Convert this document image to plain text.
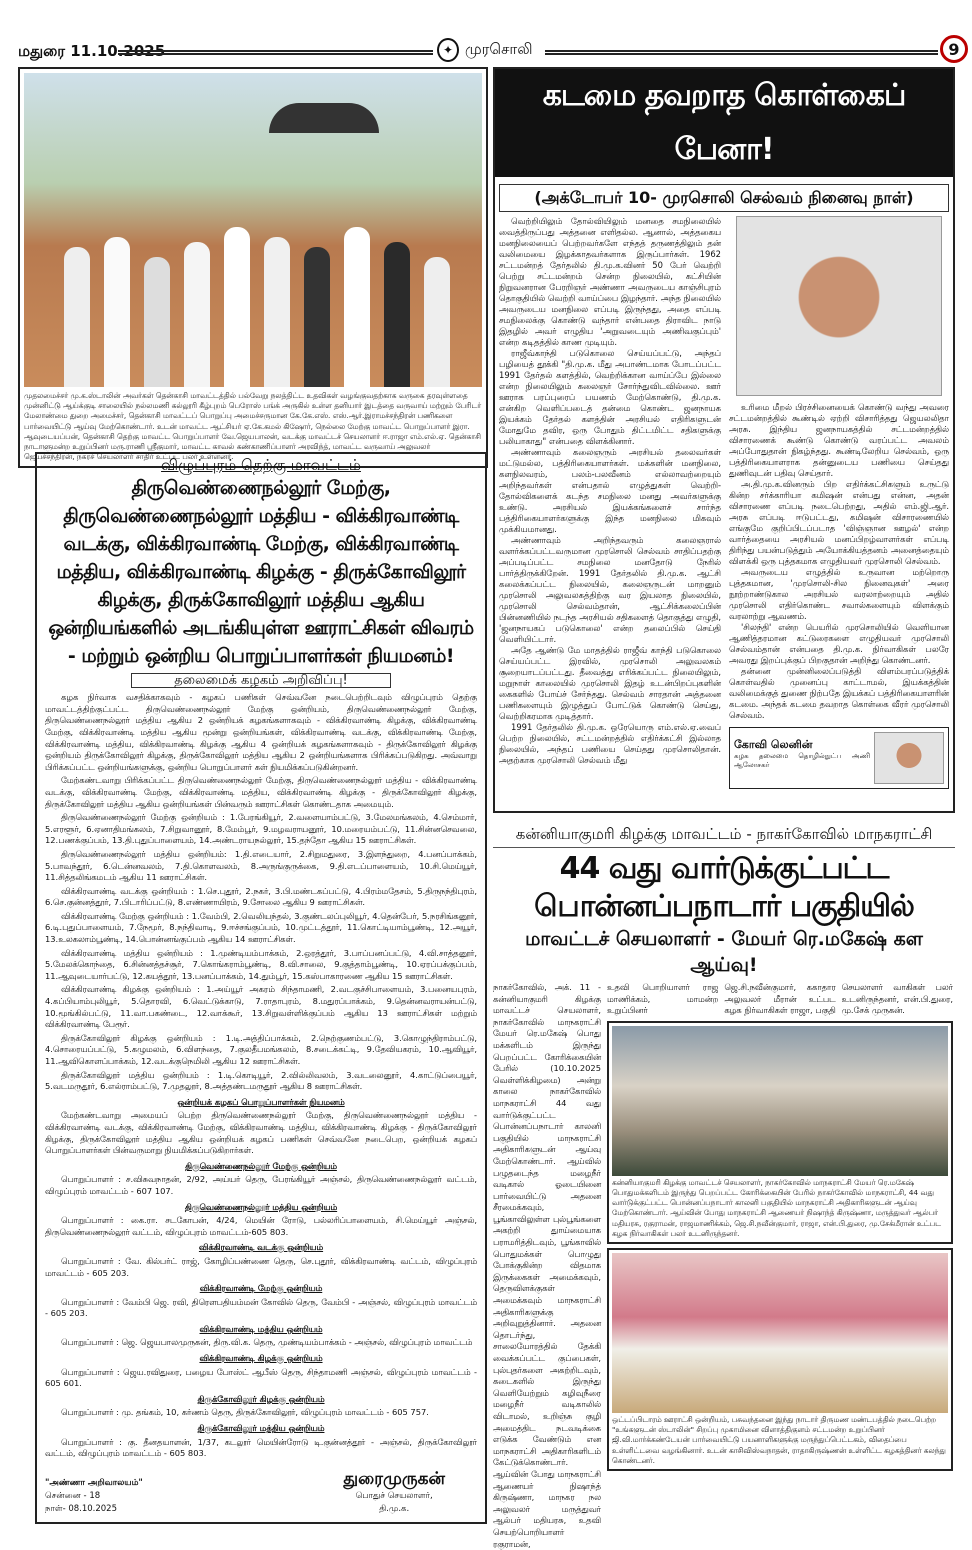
மதுரை 11.10.2025	✦ முரசொலி	9
முதலமைச்சர் மு.க.ஸ்டாலின் அவர்கள் தென்காசி மாவட்டத்தில் பல்வேறு நலத்திட்ட உதவிகள் வழங்குவதற்காக வருகை தரவுள்ளதை முன்னிட்டு ஆய்க்குடி சாலையில் நல்லமணி கல்லூரி கீழ்புறம் பெரோஸ் பங்க் அருகில் உள்ள தனியார் இடத்தை வருவாய் மற்றும் பேரிடர் மேலாண்மை துறை அமைச்சர், தென்காசி மாவட்டப் பொறுப்பு அமைச்சருமான கே.கே.எஸ். எஸ்.ஆர்.இராமச்சந்திரன் பணிகளை பார்வையிட்டு ஆய்வு மேற்கொண்டார். உடன் மாவட்ட ஆட்சியர் ஏ.கே.கமல் கிஷோர், நெல்லை மேற்கு மாவட்ட பொறுப்பாளர் இரா. ஆவுடையப்பன், தென்காசி தெற்கு மாவட்ட பொறுப்பாளர் வே.ஜெயபாலன், வடக்கு மாவட்டச் செயலாளர் ஈ.ராஜா எம்.எல்.ஏ. தென்காசி நாடாளுமன்ற உறுப்பினர் மரு.ராணி ஸ்ரீகுமார், மாவட்ட காவல் கண்காணிப்பாளர் அரவிந்த், மாவட்ட வருவாய் அலுவலர் ஜெயச்சந்திரன், நகரச் செயலாளர் சாதிர் உட்பட பலர் உள்ளனர்.
விழுப்புரம் தெற்கு மாவட்டம்
திருவெண்ணைநல்லூர் மேற்கு, திருவெண்ணைநல்லூர் மத்திய - விக்கிரவாண்டி வடக்கு, விக்கிரவாண்டி மேற்கு, விக்கிரவாண்டி மத்திய, விக்கிரவாண்டி கிழக்கு - திருக்கோவிலூர் கிழக்கு, திருக்கோவிலூர் மத்திய ஆகிய ஒன்றியங்களில் அடங்கியுள்ள ஊராட்சிகள் விவரம் - மற்றும் ஒன்றிய பொறுப்பாளர்கள் நியமனம்!
தலைமைக் கழகம் அறிவிப்பு!

கழக நிர்வாக வசதிக்காகவும் - கழகப் பணிகள் செவ்வனே நடைபெற்றிடவும் விழுப்புரம் தெற்கு மாவட்டத்திற்குட்பட்ட திருவெண்ணைநல்லூர் மேற்கு ஒன்றியம், திருவெண்ணைநல்லூர் மேற்கு, திருவெண்ணைநல்லூர் மத்திய ஆகிய 2 ஒன்றியக் கழகங்களாகவும் - விக்கிரவாண்டி கிழக்கு, விக்கிரவாண்டி மேற்கு, விக்கிரவாண்டி மத்திய ஆகிய மூன்று ஒன்றியங்கள், விக்கிரவாண்டி வடக்கு, விக்கிரவாண்டி மேற்கு, விக்கிரவாண்டி மத்திய, விக்கிரவாண்டி கிழக்கு ஆகிய 4 ஒன்றியக் கழகங்களாகவும் - திருக்கோவிலூர் கிழக்கு ஒன்றியம் திருக்கோவிலூர் கிழக்கு, திருக்கோவிலூர் மத்திய ஆகிய 2 ஒன்றியங்களாக பிரிக்கப்படுகிறது. அவ்வாறு பிரிக்கப்பட்ட ஒன்றியங்களுக்கு, ஒன்றிய பொறுப்பாளர் கள் நியமிக்கப்படுகின்றனர்.

மேற்கண்டவாறு பிரிக்கப்பட்ட திருவெண்ணைநல்லூர் மேற்கு, திருவெண்ணைநல்லூர் மத்திய - விக்கிரவாண்டி வடக்கு, விக்கிரவாண்டி மேற்கு, விக்கிரவாண்டி மத்திய, விக்கிரவாண்டி கிழக்கு - திருக்கோவிலூர் கிழக்கு, திருக்கோவிலூர் மத்திய ஆகிய ஒன்றியங்கள் பின்வரும் ஊராட்சிகள் கொண்டதாக அமையும்.

திருவெண்ணைநல்லூர் மேற்கு ஒன்றியம் : 1.பேரங்கியூர், 2.வளையாம்பட்டு, 3.மேலமங்கலம், 4.செம்மார், 5.எரளூர், 6.ஏனாதிமங்கலம், 7.சிறுவானூர், 8.மேம்பூர், 9.மழவராயனூர், 10.மரையம்பட்டு, 11.சின்னசெவலை, 12.பணக்குப்பம், 13.தி.புதுப்பாளையம், 14.அண்டராயநல்லூர், 15.தந்தோ ஆகிய 15 ஊராட்சிகள்.

திருவெண்ணைநல்லூர் மத்திய ஒன்றியம்: 1.தி.எடையார், 2.சிறுமதுரை, 3.இளந்துறை, 4.பனப்பாக்கம், 5.பாவந்தூர், 6.டென்னவலம், 7.தி.கொளவலம், 8.அருங்குருக்கை, 9.தி.எடப்பாளையம், 10.சி.மெய்யூர், 11.சித்தலிங்கமடம் ஆகிய 11 ஊராட்சிகள்.

விக்கிரவாண்டி வடக்கு ஒன்றியம் : 1.செ.புதூர், 2.நகர், 3.பி.மண்டகப்பட்டு, 4.பிரம்மதேசம், 5.திருநந்திபுரம், 6.செ.குன்னத்தூர், 7.பிடாரிப்பட்டு, 8.எண்ணாயிரம், 9.சோலை ஆகிய 9 ஊராட்சிகள்.

விக்கிரவாண்டி மேற்கு ஒன்றியம் : 1.வேம்பி, 2.வெலியந்தல், 3.குண்டலப்புலியூர், 4.தென்பேர், 5.நரசிங்கனூர், 6.டி.புதுப்பாளையம், 7.நேமூர், 8.நந்திவாடி, 9.ஈச்சங்குப்பம், 10.முட்டத்தூர், 11.கொட்டியாம்பூண்டி, 12.அயூர், 13.உலகலாம்பூண்டி, 14.பொன்னங்குப்பம் ஆகிய 14 ஊராட்சிகள்.

விக்கிரவாண்டி மத்திய ஒன்றியம் : 1.முண்டியம்பாக்கம், 2.ஒரத்தூர், 3.பாப்பனப்பட்டு, 4.வி.சாத்தனூர், 5.மேலக்கொந்தை, 6.சின்னத்தச்சூர், 7.கொங்கராம்பூண்டி, 8.வி.சாலை, 9.குத்தாம்பூண்டி, 10.ஏரப்பக்குப்பம், 11.ஆவுடையார்பட்டு, 12.கயத்தூர், 13.பனப்பாக்கம், 14.தும்பூர், 15.கஸ்பாகாரணை ஆகிய 15 ஊராட்சிகள்.

விக்கிரவாண்டி கிழக்கு ஒன்றியம் : 1.அய்யூர் அகரம் சிந்தாமணி, 2.வடகுச்சிபாளையம், 3.பனையபுரம், 4.கப்பியாம்புலியூர், 5.தொரவி, 6.வெட்டுக்காடு, 7.ராதாபுரம், 8.மதுரப்பாக்கம், 9.தென்னவராயன்பட்டு, 10.மூங்கில்பட்டு, 11.வா.பகண்டை, 12.வாக்கூர், 13.சிறுவள்ளிக்குப்பம் ஆகிய 13 ஊராட்சிகள் மற்றும் விக்கிரவாண்டி பேரூர்.

திருக்கோவிலூர் கிழக்கு ஒன்றியம் : 1.டி.அத்திப்பாக்கம், 2.நெற்குணம்பட்டு, 3.கொழுந்திராம்பட்டு, 4.சொரையப்பட்டு, 5.கழுமலம், 6.விளந்தை, 7.குலதீபமங்கலம், 8.சடைக்கட்டி, 9.தேவியகரம், 10.ஆவியூர், 11.ஆவிகொளப்பாக்கம், 12.வடக்குநெமிலி ஆகிய 12 ஊராட்சிகள்.

திருக்கோவிலூர் மத்திய ஒன்றியம் : 1.டி.கொடியூர், 2.வில்லிவலம், 3.வடலைனூர், 4.காட்டுப்பையூர், 5.வடமருதூர், 6.எல்ராம்பட்டு, 7.முதலூர், 8.அத்தண்டமருதூர் ஆகிய 8 ஊராட்சிகள்.

ஒன்றியக் கழகப் பொறுப்பாளர்கள் நியமனம்

மேற்கண்டவாறு அமையப் பெற்ற திருவெண்ணைநல்லூர் மேற்கு, திருவெண்ணைநல்லூர் மத்திய - விக்கிரவாண்டி வடக்கு, விக்கிரவாண்டி மேற்கு, விக்கிரவாண்டி மத்திய, விக்கிரவாண்டி கிழக்கு - திருக்கோவிலூர் கிழக்கு, திருக்கோவிலூர் மத்திய ஆகிய ஒன்றியக் கழகப் பணிகள் செவ்வனே நடைபெற, ஒன்றியக் கழகப் பொறுப்பாளர்கள் பின்வருமாறு நியமிக்கப்படுகிறார்கள்.

திருவெண்ணைநல்லூர் மேற்கு ஒன்றியம்

பொறுப்பாளர் : ச.விசுவநாதன், 2/92, அய்யர் தெரு, பேரங்கியூர் அஞ்சல், திருவெண்ணைநல்லூர் வட்டம், விழுப்புரம் மாவட்டம் - 607 107.

திருவெண்ணைநல்லூர் மத்திய ஒன்றியம்

பொறுப்பாளர் : கை.ரா. சடகோபன், 4/24, மெயின் ரோடு, பல்லரிப்பாளையம், சி.மெய்யூர் அஞ்சல், திருவெண்ணைநல்லூர் வட்டம், விழுப்புரம் மாவட்டம்-605 803.

விக்கிரவாண்டி வடக்கு ஒன்றியம்

பொறுப்பாளர் : வே. கில்பர்ட் ராஜ், கோழிப்பண்ணை தெரு, செ.புதூர், விக்கிரவாண்டி வட்டம், விழுப்புரம் மாவட்டம் - 605 203.

விக்கிரவாண்டி மேற்கு ஒன்றியம்

பொறுப்பாளர் : வேம்பி ஜெ. ரவி, திரௌபதியம்மன் கோவில் தெரு, வேம்பி - அஞ்சல், விழுப்புரம் மாவட்டம் - 605 203.

விக்கிரவாண்டி மத்திய ஒன்றியம்

பொறுப்பாளர் : ஜெ. ஜெயபாலமுருகன், திரு.வி.க. தெரு, முண்டியம்பாக்கம் - அஞ்சல், விழுப்புரம் மாவட்டம்

விக்கிரவாண்டி கிழக்கு ஒன்றியம்

பொறுப்பாளர் : ஜெய.ரவிதுரை, பழைய போஸ்ட் ஆபீஸ் தெரு, சிந்தாமணி அஞ்சல், விழுப்புரம் மாவட்டம் - 605 601.

திருக்கோவிலூர் கிழக்கு ஒன்றியம்

பொறுப்பாளர் : மு. தங்கம், 10, கர்ணம் தெரு, திருக்கோவிலூர், விழுப்புரம் மாவட்டம் - 605 757.

திருக்கோவிலூர் மத்திய ஒன்றியம்

பொறுப்பாளர் : கு. தீனதயாளன், 1/37, கடலூர் மெயின்ரோடு டி.குன்னத்தூர் - அஞ்சல், திருக்கோவிலூர் வட்டம், விழுப்புரம் மாவட்டம் - 605 803.

"அண்ணா அறிவாலயம்"
சென்னை - 18
நாள்- 08.10.2025
துரைமுருகன்
பொதுச் செயலாளர்,
தி.மு.க.
கடமை தவறாத கொள்கைப் பேனா!
(அக்டோபர் 10- முரசொலி செல்வம் நினைவு நாள்)

வெற்றியிலும் தோல்வியிலும் மனதை சமநிலையில் வைத்திருப்பது அத்தனை எளிதல்ல. ஆனால், அத்தகைய மனநிலையைப் பெற்றவர்களே எந்தத் தருணத்திலும் தன் வலிமையை இழக்காதவர்களாக இருப்பார்கள். 1962 சட்டமன்றத் தேர்தலில் தி.மு.க.வினர் 50 பேர் வெற்றி பெற்று சட்டமன்றம் சென்ற நிலையில், கட்சியின் நிறுவனரான பேரறிஞர் அண்ணா அவருடைய காஞ்சிபுரம் தொகுதியில் வெற்றி வாய்ப்பை இழந்தார். அந்த நிலையில் அவருடைய மனநிலை எப்படி இருந்தது, அதை எப்படி சமநிலைக்கு கொண்டு வந்தார் என்பதை திராவிட நாடு இதழில் அவர் எழுதிய 'அறுவடையும் அணிவகுப்பும்' என்ற கடிதத்தில் காண முடியும்.

ராஜீவ்காந்தி படுகொலை செய்யப்பட்டு, அந்தப் பழியைத் தூக்கி "தி.மு.க. மீது அபாண்டமாக போடப்பட்ட 1991 தேர்தல் களத்தில், வெற்றிக்கான வாய்ப்பே இல்லை என்ற நிலையிலும் கலைஞர் சோர்ந்துவிடவில்லை. ஊர் ஊராக பரப்புரைப் பயணம் மேற்கொண்டு, தி.மு.க. என்கிற வெளிப்படைத் தன்மை கொண்ட ஜனநாயக இயக்கம் தேர்தல் களத்தின் அரசியல் எதிரிகளுடன் மோதுமே தவிர, ஒரு போதும் திட்டமிட்ட சதிகளுக்கு பலியாகாது" என்பதை விளக்கினார்.

அண்ணாவும் கலைஞரும் அரசியல் தலைவர்கள் மட்டுமல்ல, பத்திரிகையாளர்கள். மக்களின் மனநிலை, களநிலவரம், பலம்-பலவீனம் எல்லாவற்றையும் அறிந்தவர்கள் என்பதால் எழுத்துகள் வெற்றி-தோல்விகளைக் கடந்த சமநிலை மனது அவர்களுக்கு உண்டு. அரசியல் இயக்கங்களைச் சார்ந்த பத்திரிகையாளர்களுக்கு இந்த மனநிலை மிகவும் முக்கியமானது.

அண்ணாவும் அறிந்தவரும் கலைஞரால் வளர்க்கப்பட்டவருமான முரசொலி செல்வம் சாதிப்பதற்கு அப்படிப்பட்ட சமநிலை மனதோடு நேரில் பார்த்திருக்கிறேன். 1991 தேர்தலில் தி.மு.க. ஆட்சி கலைக்கப்பட்ட நிலையில், கலைஞருடன் மாறனும் முரசொலி அலுவலகத்திற்கு வர இயலாத நிலையில், முரசொலி செல்வம்தான், ஆட்சிக்கலைப்பின் பின்னணியில் நடந்த அரசியல் சதிகளைத் தொகுத்து எழுதி, 'ஜனநாயகப் படுகொலை' என்ற தலைப்பில் செய்தி வெளியிட்டார்.

அதே ஆண்டு மே மாதத்தில் ராஜீவ் காந்தி படுகொலை செய்யப்பட்ட இரவில், முரசொலி அலுவலகம் சூறையாடப்பட்டது. தீவைத்து எரிக்கப்பட்ட நிலையிலும், மறுநாள் காலையில் முரசொலி இதழ் உடன்பிறப்புகளின் கைகளில் போய்ச் சேர்ந்தது. செல்வம் சாரதான் அத்தனை பணிகளையும் இழுத்துப் போட்டுக் கொண்டு செய்து, வெற்றிகரமாக முடித்தார்.

1991 தேர்தலில் தி.மு.க. ஒரேயொரு எம்.எல்.ஏ.வைப் பெற்ற நிலையில், சட்டமன்றத்தில் எதிர்க்கட்சி இல்லாத நிலையில், அந்தப் பணியை செய்தது முரசொலிதான். அதற்காக முரசொலி செல்வம் மீது

உரிமை மீறல் பிரச்சினையைக் கொண்டு வந்து அவரை சட்டமன்றத்தில் கூண்டில் ஏற்றி விசாரித்தது ஜெயலலிதா அரசு. இந்திய ஜனநாயகத்தில் சட்டமன்றத்தில் விசாரணைக் கூண்டு கொண்டு வரப்பட்ட அவலம் அப்போதுதான் நிகழ்ந்தது. கூண்டிலேறிய செல்வம், ஒரு பத்திரிகையாளராக தன்னுடைய பணியை செய்தது துணிவுடன் பதிவு செய்தார்.

அ.தி.மு.க.வினரும் பிற எதிர்க்கட்சிகளும் உருட்டு கின்ற சர்க்காரியா கமிஷன் என்பது என்ன, அதன் விசாரணை எப்படி நடைபெற்றது, அதில் எம்.ஜி.ஆர். அரசு எப்படி ஈடுபட்டது, கமிஷன் விசாரணையில் எங்குமே குறிப்பிடப்படாத 'விஞ்ஞான ஊழல்' என்ற வார்த்தையை அரசியல் மனப்பிறழ்வாளர்கள் எப்படி திரிந்து பயன்படுத்தும் அயோக்கியத்தனம் அனைத்தையும் விளக்கி ஒரு புத்தகமாக எழுதியவர் முரசொலி செல்வம்.

அவருடைய எழுத்தில் உருவான மற்றொரு புத்தகமான, 'முரசொலி-சில நினைவுகள்' அரை நூற்றாண்டுகால அரசியல் வரலாற்றையும் அதில் முரசொலி எதிர்கொண்ட சவால்களையும் விளக்கும் வரலாற்று ஆவணம்.

'சிலந்தி' என்ற பெயரில் முரசொலியில் வெளியான ஆணித்தரமான கட்டுரைகளை எழுதியவர் முரசொலி செல்வம்தான் என்பதை தி.மு.க. நிர்வாகிகள் பலரே அவரது இறப்புக்குப் பிறகுதான் அறிந்து கொண்டனர்.

தன்னை முன்னிலைப்படுத்தி விளம்பரப்படுத்திக் கொள்வதில் முனைப்பு காட்டாமல், இயக்கத்தின் வலிமைக்குத் துணை நிற்பதே இயக்கப் பத்திரிகையாளரின் கடமை. அந்தக் கடமை தவறாத கொள்கை வீரர் முரசொலி செல்வம்.

கோவி லெனின்
கழக தலைமை தொழில்நுட்ப அணி ஆலோசகர்
கன்னியாகுமரி கிழக்கு மாவட்டம் - நாகர்கோவில் மாநகராட்சி
44 வது வார்டுக்குட்பட்ட பொன்னப்பநாடார் பகுதியில்
மாவட்டச் செயலாளர் - மேயர் ரெ.மகேஷ் கள ஆய்வு!
நாகர்கோவில், அக். 11 - கன்னியாகுமரி கிழக்கு மாவட்டச் செயலாளர், நாகர்கோவில் மாநகராட்சி மேயர் ரெ.மகேஷ் பொது மக்களிடம் இருந்து பெறப்பட்ட கோரிக்கையின் பேரில் (10.10.2025 வெள்ளிக்கிழமை) அன்று காலை நாகர்கோவில் மாநகராட்சி 44 வது வார்டுக்குட்பட்ட பொன்னப்பநாடார் காலனி பகுதியில் மாநகராட்சி அதிகாரிகளுடன் ஆய்வு மேற்கொண்டார். ஆய்வில் பழுதடைந்த மழைநீர் வடிகால் ஓடையினை பார்வையிட்டு அதனை சீரமைக்கவும், பூங்காவிலுள்ள புல்பூங்களை அகற்றி துாய்மையாக பராமரித்திடவும், பூங்காவில் பொதுமக்கள் பொழுது போக்குகின்ற விதமாக இருக்கைகள் அமைக்கவும், தெருவிளக்குகள் அமைக்கவும் மாநகராட்சி அதிகாரிகளுக்கு அறிவுறுத்தினார். அதனை தொடர்ந்து, சாலையோரத்தில் தேக்கி வைக்கப்பட்ட குப்பைகள், புல்புதர்களை அகற்றிடவும், கடைகளில் இருந்து வெளியேற்றும் கழிவுநீரை மழைநீர் வடிகாலில் விடாமல், உறிஞ்சு குழி அமைத்திட நடவடிக்கை எடுக்க வேண்டும் என மாநகராட்சி அதிகாரிகளிடம் கேட்டுக்கொண்டார். ஆய்வின் போது மாநகராட்சி ஆணையர் நிஷாந்த் கிருஷ்ணா, மாநகர நல அலுவலர் மருத்துவர் ஆல்பர் மதியரசு, உதவி செயற்பொறியாளர் ரகுராமன்,
உதவி பொறியாளர் ராஜ மாணிக்கம், மாமன்ற உறுப்பினர் ஜெ.சி.நவீன்குமார், ககாதார அலுவலர் மீரான் உட்பட கழக நிர்வாகிகள் ராஜா, பகுதி செயலாளர் வாகிகள் பலர் உடனிருந்தனர், என்.பி.துரை, மு.சேக் முருகன்.
கன்னியாகுமரி கிழக்கு மாவட்டச் செயலாளர், நாகர்கோவில் மாநகராட்சி மேயர் ரெ.மகேஷ் பொதுமக்களிடம் இருந்து பெறப்பட்ட கோரிக்கையின் பேரில் நாகர்கோவில் மாநகராட்சி, 44 வது வார்டுக்குட்பட்ட பொன்னப்பநாடார் காலனி பகுதியில் மாநகராட்சி அதிகாரிகளுடன் ஆய்வு மேற்கொண்டார். ஆய்வின் போது மாநகராட்சி ஆணையர் நிஷாந்த் கிருஷ்ணா, மருத்துவர் ஆல்பர் மதியரசு, ரகுராமன், ராஜமாணிக்கம், ஜெ.சி.நவீன்குமார், ராஜா, என்.பி.துரை, மு.சேக்மீரான் உட்பட கழக நிர்வாகிகள் பலர் உடனிருந்தனர்.
ஒட்டப்பிடாரம் ஊராட்சி ஒன்றியம், பசுவந்தனை இந்து நாடார் திருமண மண்டபத்தில் நடைபெற்ற "உங்களுடன் ஸ்டாலின்" சிறப்பு முகாமினை விளாத்திகுளம் சட்டமன்ற உறுப்பினர் ஜி.வி.மார்க்கண்டேயன் பார்வையிட்டு பயனாளிகளுக்கு மருந்துப்பெட்டகம், விதைப்பை உள்ளிட்டவை வழங்கினார். உடன் காசிவிஸ்வநாதன், ராதாகிருஷ்ணன் உள்ளிட்ட கழகத்தினர் கலந்து கொண்டனர்.
